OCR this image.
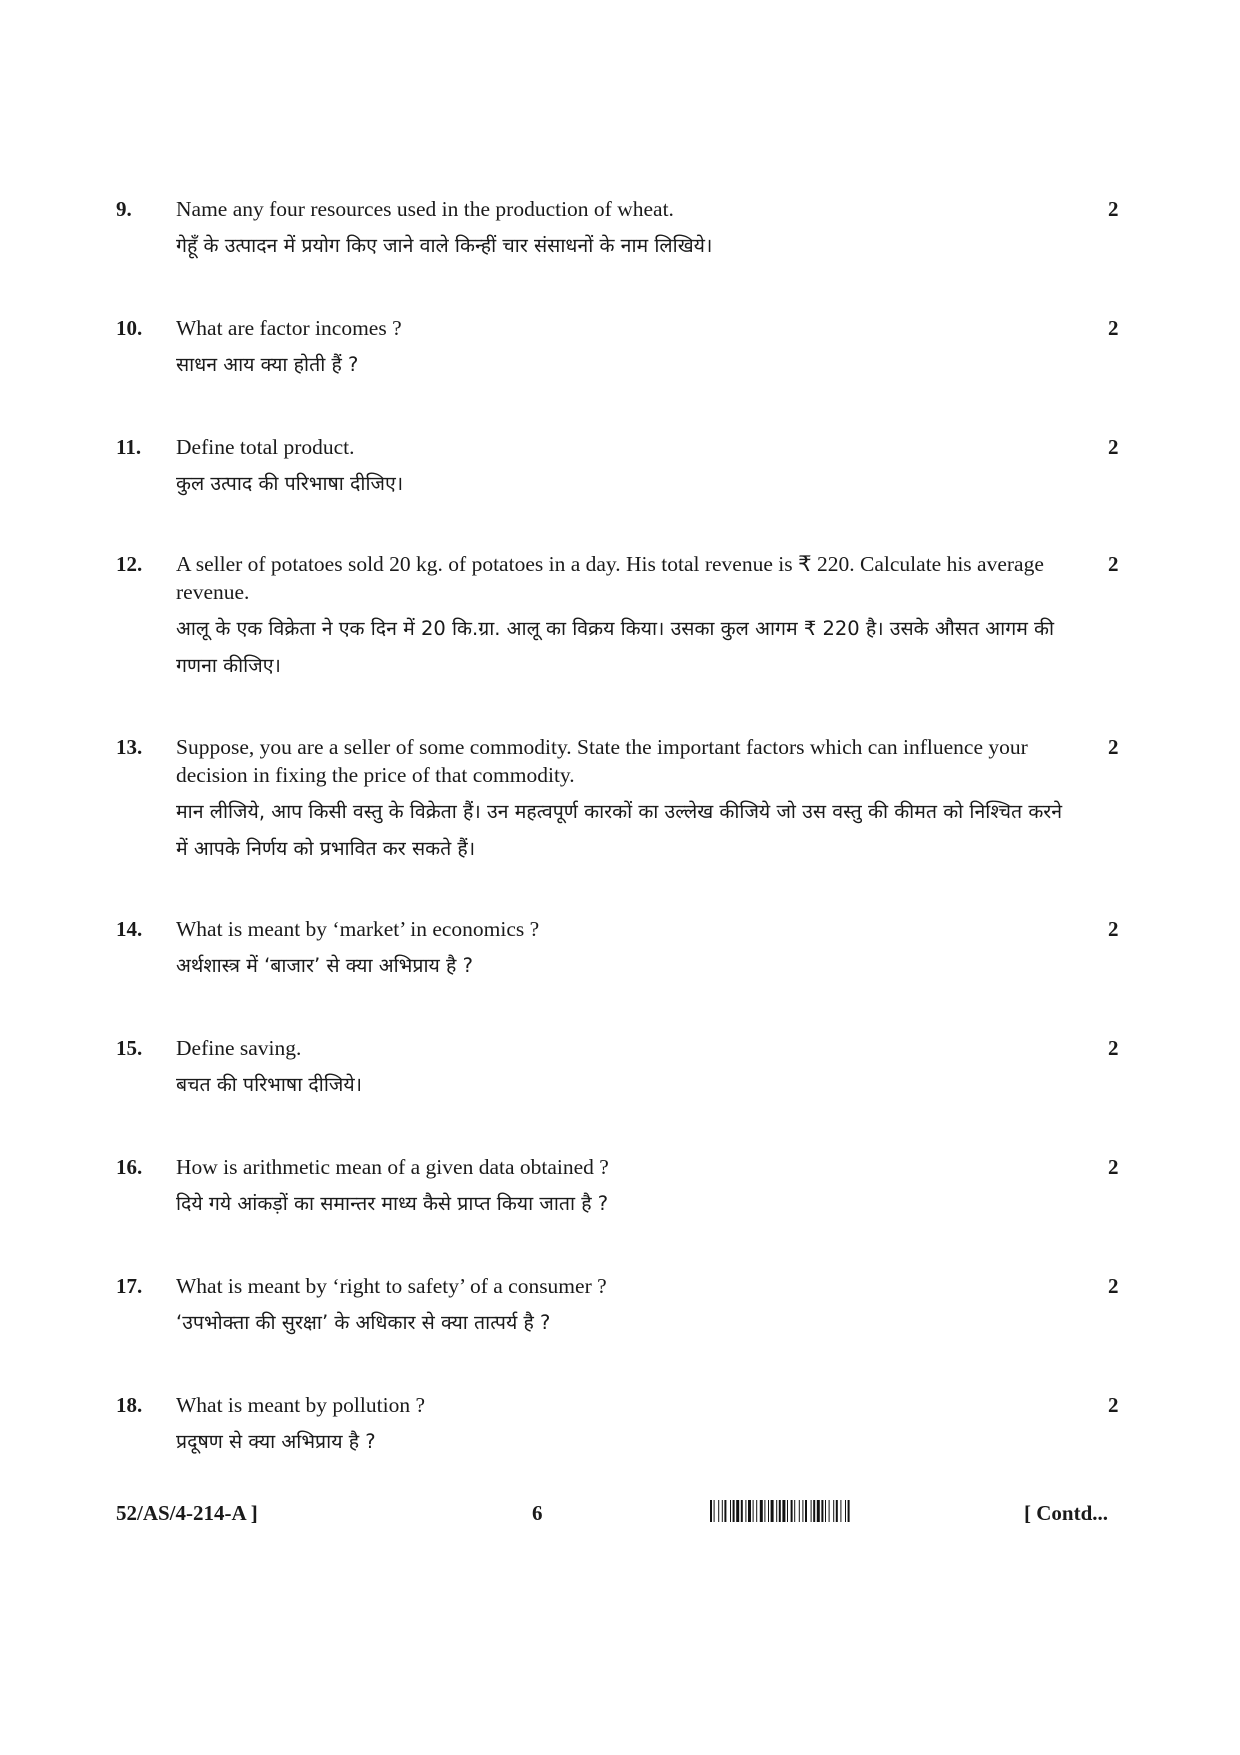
9. Name any four resources used in the production of wheat.

गेहूँ के उत्पादन में प्रयोग किए जाने वाले किन्हीं चार संसाधनों के नाम लिखिये।

2
10. What are factor incomes ?

साधन आय क्या होती हैं ?

2
11. Define total product.

कुल उत्पाद की परिभाषा दीजिए।

2
12. A seller of potatoes sold 20 kg. of potatoes in a day. His total revenue is ₹ 220. Calculate his average revenue.

आलू के एक विक्रेता ने एक दिन में 20 कि.ग्रा. आलू का विक्रय किया। उसका कुल आगम ₹ 220 है। उसके औसत आगम की गणना कीजिए।

2
13. Suppose, you are a seller of some commodity. State the important factors which can influence your decision in fixing the price of that commodity.

मान लीजिये, आप किसी वस्तु के विक्रेता हैं। उन महत्वपूर्ण कारकों का उल्लेख कीजिये जो उस वस्तु की कीमत को निश्चित करने में आपके निर्णय को प्रभावित कर सकते हैं।

2
14. What is meant by ‘market’ in economics ?

अर्थशास्त्र में ‘बाजार’ से क्या अभिप्राय है ?

2
15. Define saving.

बचत की परिभाषा दीजिये।

2
16. How is arithmetic mean of a given data obtained ?

दिये गये आंकड़ों का समान्तर माध्य कैसे प्राप्त किया जाता है ?

2
17. What is meant by ‘right to safety’ of a consumer ?

‘उपभोक्ता की सुरक्षा’ के अधिकार से क्या तात्पर्य है ?

2
18. What is meant by pollution ?

प्रदूषण से क्या अभिप्राय है ?

2
52/AS/4-214-A ]	6	[ Contd...
